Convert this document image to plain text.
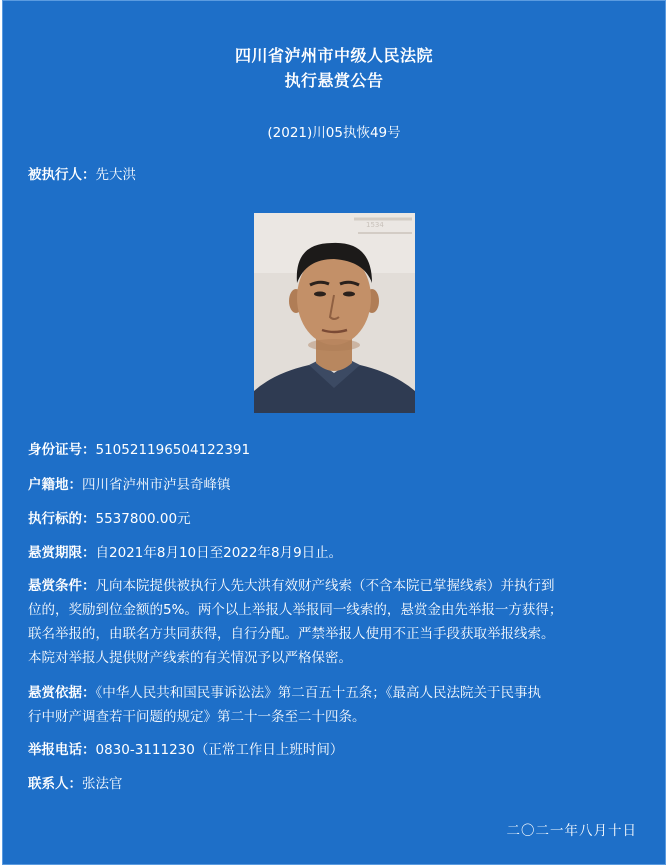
四川省泸州市中级人民法院
执行悬赏公告
(2021)川05执恢49号
被执行人：先大洪
1534
身份证号：510521196504122391
户籍地：四川省泸州市泸县奇峰镇
执行标的：5537800.00元
悬赏期限：自2021年8月10日至2022年8月9日止。
悬赏条件：凡向本院提供被执行人先大洪有效财产线索（不含本院已掌握线索）并执行到
位的，奖励到位金额的5%。两个以上举报人举报同一线索的，悬赏金由先举报一方获得；
联名举报的，由联名方共同获得，自行分配。严禁举报人使用不正当手段获取举报线索。
本院对举报人提供财产线索的有关情况予以严格保密。
悬赏依据：《中华人民共和国民事诉讼法》第二百五十五条；《最高人民法院关于民事执
行中财产调查若干问题的规定》第二十一条至二十四条。
举报电话：0830-3111230（正常工作日上班时间）
联系人：张法官
二〇二一年八月十日
